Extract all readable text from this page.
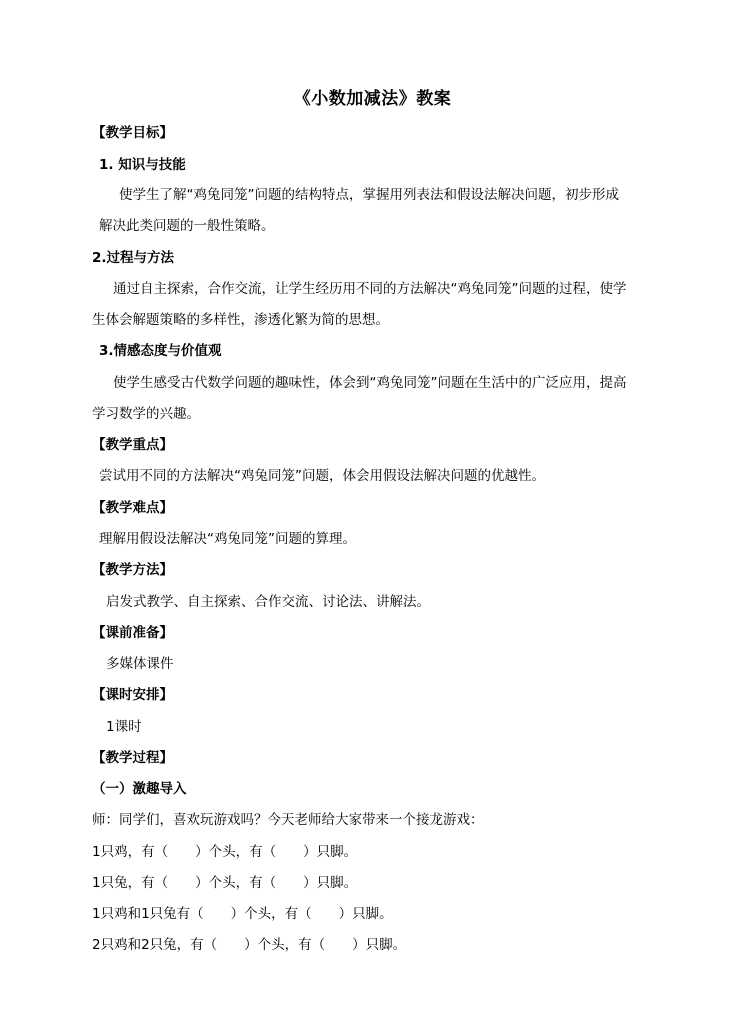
《小数加减法》教案
【教学目标】
1. 知识与技能
使学生了解“鸡兔同笼”问题的结构特点，掌握用列表法和假设法解决问题，初步形成
解决此类问题的一般性策略。
2.过程与方法
通过自主探索，合作交流，让学生经历用不同的方法解决“鸡兔同笼”问题的过程，使学
生体会解题策略的多样性，渗透化繁为简的思想。
3.情感态度与价值观
使学生感受古代数学问题的趣味性，体会到“鸡兔同笼”问题在生活中的广泛应用，提高
学习数学的兴趣。
【教学重点】
尝试用不同的方法解决“鸡兔同笼”问题，体会用假设法解决问题的优越性。
【教学难点】
理解用假设法解决“鸡兔同笼”问题的算理。
【教学方法】
启发式教学、自主探索、合作交流、讨论法、讲解法。
【课前准备】
多媒体课件
【课时安排】
1课时
【教学过程】
（一）激趣导入
师：同学们，喜欢玩游戏吗？今天老师给大家带来一个接龙游戏：
1只鸡，有（　　）个头，有（　　）只脚。
1只兔，有（　　）个头，有（　　）只脚。
1只鸡和1只兔有（　　）个头，有（　　）只脚。
2只鸡和2只兔，有（　　）个头，有（　　）只脚。
